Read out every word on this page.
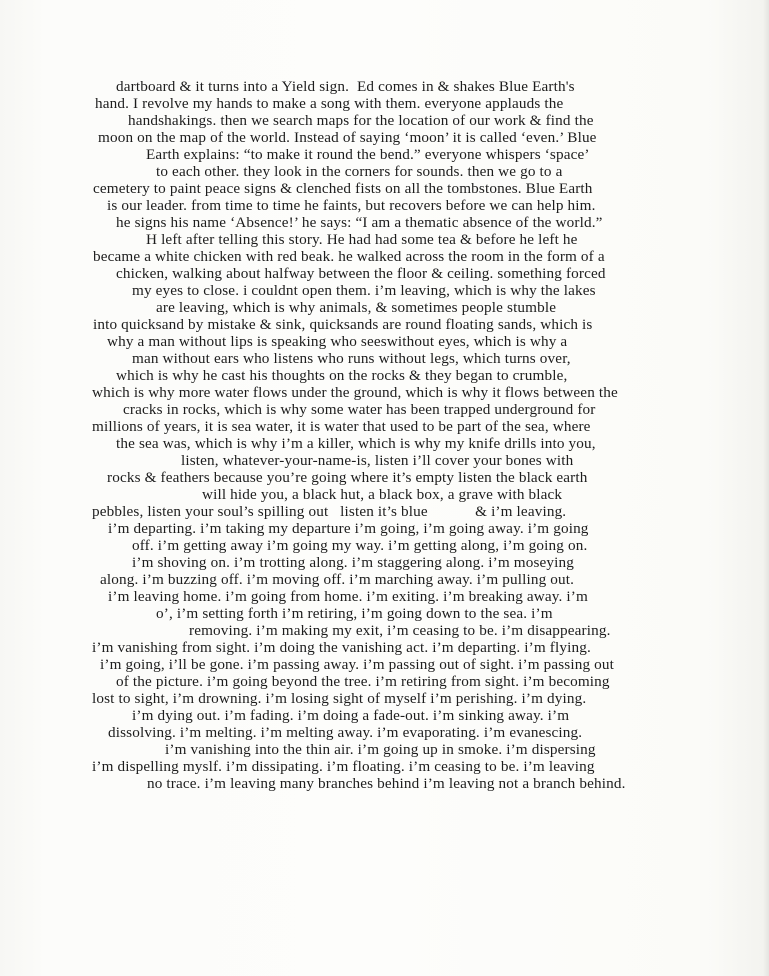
dartboard & it turns into a Yield sign.  Ed comes in & shakes Blue Earth's
hand. I revolve my hands to make a song with them. everyone applauds the
handshakings. then we search maps for the location of our work & find the
moon on the map of the world. Instead of saying ‘moon’ it is called ‘even.’ Blue
Earth explains: “to make it round the bend.” everyone whispers ‘space’
to each other. they look in the corners for sounds. then we go to a
cemetery to paint peace signs & clenched fists on all the tombstones. Blue Earth
is our leader. from time to time he faints, but recovers before we can help him.
he signs his name ‘Absence!’ he says: “I am a thematic absence of the world.”
H left after telling this story. He had had some tea & before he left he
became a white chicken with red beak. he walked across the room in the form of a
chicken, walking about halfway between the floor & ceiling. something forced
my eyes to close. i couldnt open them. i’m leaving, which is why the lakes
are leaving, which is why animals, & sometimes people stumble
into quicksand by mistake & sink, quicksands are round floating sands, which is
why a man without lips is speaking who seeswithout eyes, which is why a
man without ears who listens who runs without legs, which turns over,
which is why he cast his thoughts on the rocks & they began to crumble,
which is why more water flows under the ground, which is why it flows between the
cracks in rocks, which is why some water has been trapped underground for
millions of years, it is sea water, it is water that used to be part of the sea, where
the sea was, which is why i’m a killer, which is why my knife drills into you,
listen, whatever-your-name-is, listen i’ll cover your bones with
rocks & feathers because you’re going where it’s empty listen the black earth
will hide you, a black hut, a black box, a grave with black
pebbles, listen your soul’s spilling out   listen it’s blue            & i’m leaving.
i’m departing. i’m taking my departure i’m going, i’m going away. i’m going
off. i’m getting away i’m going my way. i’m getting along, i’m going on.
i’m shoving on. i’m trotting along. i’m staggering along. i’m moseying
along. i’m buzzing off. i’m moving off. i’m marching away. i’m pulling out.
i’m leaving home. i’m going from home. i’m exiting. i’m breaking away. i’m
o’, i’m setting forth i’m retiring, i’m going down to the sea. i’m
removing. i’m making my exit, i’m ceasing to be. i’m disappearing.
i’m vanishing from sight. i’m doing the vanishing act. i’m departing. i’m flying.
i’m going, i’ll be gone. i’m passing away. i’m passing out of sight. i’m passing out
of the picture. i’m going beyond the tree. i’m retiring from sight. i’m becoming
lost to sight, i’m drowning. i’m losing sight of myself i’m perishing. i’m dying.
i’m dying out. i’m fading. i’m doing a fade-out. i’m sinking away. i’m
dissolving. i’m melting. i’m melting away. i’m evaporating. i’m evanescing.
i’m vanishing into the thin air. i’m going up in smoke. i’m dispersing
i’m dispelling myslf. i’m dissipating. i’m floating. i’m ceasing to be. i’m leaving
no trace. i’m leaving many branches behind i’m leaving not a branch behind.
